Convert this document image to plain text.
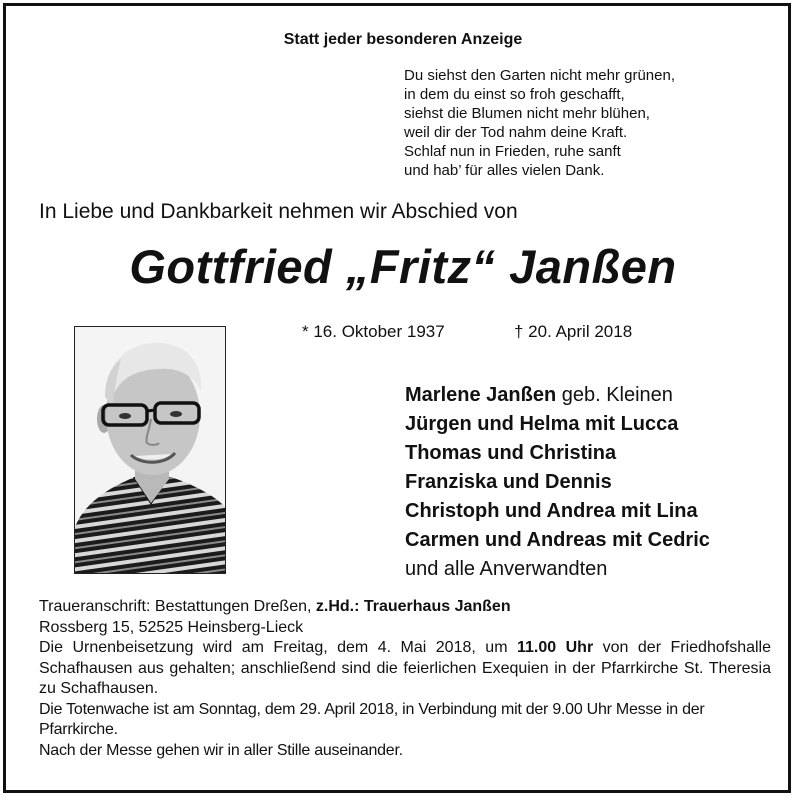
Statt jeder besonderen Anzeige
Du siehst den Garten nicht mehr grünen,
in dem du einst so froh geschafft,
siehst die Blumen nicht mehr blühen,
weil dir der Tod nahm deine Kraft.
Schlaf nun in Frieden, ruhe sanft
und hab’ für alles vielen Dank.
In Liebe und Dankbarkeit nehmen wir Abschied von
Gottfried „Fritz“ Janßen
* 16. Oktober 1937	† 20. April 2018
Marlene Janßen geb. Kleinen
Jürgen und Helma mit Lucca
Thomas und Christina
Franziska und Dennis
Christoph und Andrea mit Lina
Carmen und Andreas mit Cedric
und alle Anverwandten

Traueranschrift: Bestattungen Dreßen, z.Hd.: Trauerhaus Janßen

Rossberg 15, 52525 Heinsberg-Lieck

Die Urnenbeisetzung wird am Freitag, dem 4. Mai 2018, um 11.00 Uhr von der Friedhofshalle Schafhausen aus gehalten; anschließend sind die feierlichen Exequien in der Pfarrkirche St. Theresia zu Schafhausen.

Die Totenwache ist am Sonntag, dem 29. April 2018, in Verbindung mit der 9.00 Uhr Messe in der Pfarrkirche.

Nach der Messe gehen wir in aller Stille auseinander.
